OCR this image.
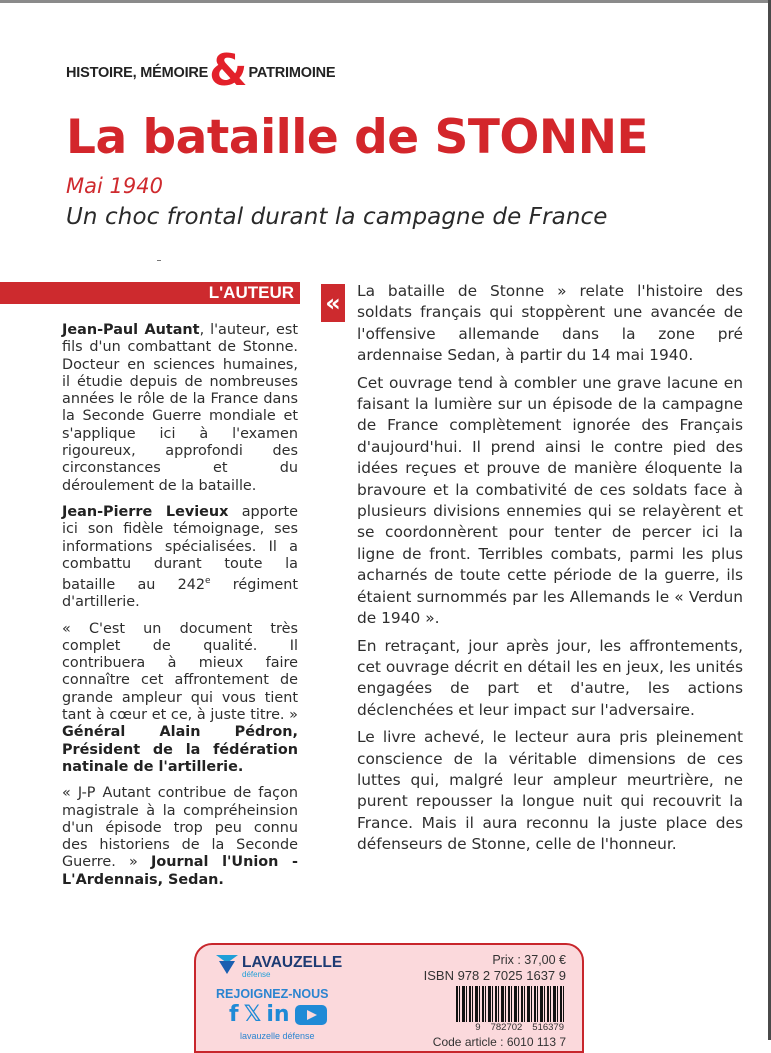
HISTOIRE, MÉMOIRE & PATRIMOINE
La bataille de STONNE
Mai 1940
Un choc frontal durant la campagne de France
L'AUTEUR

Jean-Paul Autant, l'auteur, est fils d'un combattant de Stonne. Docteur en sciences humaines, il étudie depuis de nombreuses années le rôle de la France dans la Seconde Guerre mondiale et s'applique ici à l'examen rigoureux, approfondi des circonstances et du déroulement de la bataille.

Jean-Pierre Levieux apporte ici son fidèle témoignage, ses informations spécialisées. Il a combattu durant toute la bataille au 242e régiment d'artillerie.

« C'est un document très complet de qualité. Il contribuera à mieux faire connaître cet affrontement de grande ampleur qui vous tient tant à cœur et ce, à juste titre. » Général Alain Pédron, Président de la fédération natinale de l'artillerie.

« J-P Autant contribue de façon magistrale à la compréheinsion d'un épisode trop peu connu des historiens de la Seconde Guerre. » Journal l'Union - L'Ardennais, Sedan.

« La bataille de Stonne » relate l'histoire des soldats français qui stoppèrent une avancée de l'offensive allemande dans la zone pré ardennaise Sedan, à partir du 14 mai 1940.

Cet ouvrage tend à combler une grave lacune en faisant la lumière sur un épisode de la campagne de France complètement ignorée des Français d'aujourd'hui. Il prend ainsi le contre pied des idées reçues et prouve de manière éloquente la bravoure et la combativité de ces soldats face à plusieurs divisions ennemies qui se relayèrent et se coordonnèrent pour tenter de percer ici la ligne de front. Terribles combats, parmi les plus acharnés de toute cette période de la guerre, ils étaient surnommés par les Allemands le « Verdun de 1940 ».

En retraçant, jour après jour, les affrontements, cet ouvrage décrit en détail les en jeux, les unités engagées de part et d'autre, les actions déclenchées et leur impact sur l'adversaire.

Le livre achevé, le lecteur aura pris pleinement conscience de la véritable dimensions de ces luttes qui, malgré leur ampleur meurtrière, ne purent repousser la longue nuit qui recouvrit la France. Mais il aura reconnu la juste place des défenseurs de Stonne, celle de l'honneur.

LAVAUZELLE
défense
REJOIGNEZ-NOUS
f 𝕏 in
lavauzelle défense
Prix : 37,00 €
ISBN 978 2 7025 1637 9
9 782702 516379
Code article : 6010 113 7
